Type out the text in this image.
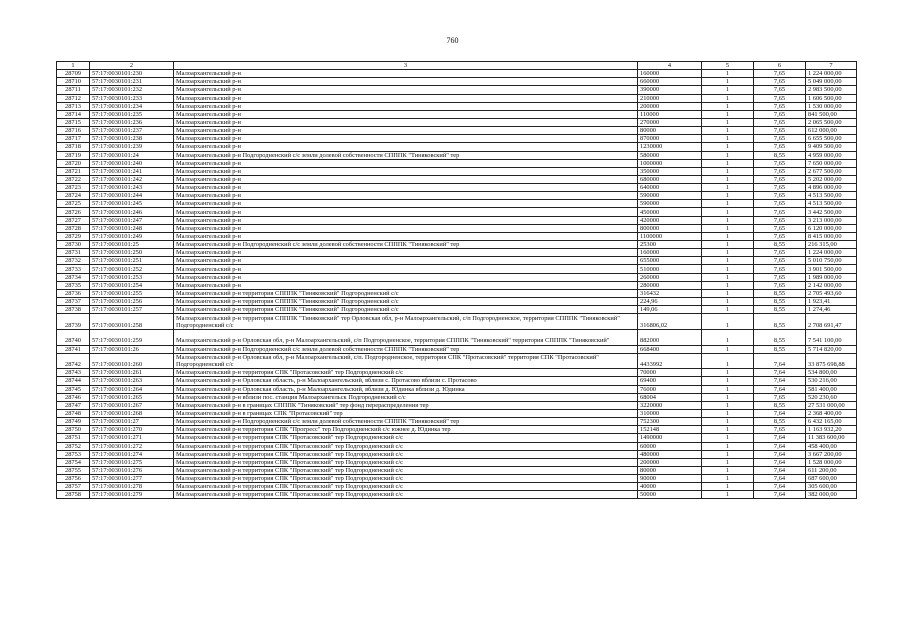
760
1	2	3	4	5	6	7
28709	57:17:0030101:230	Малоархангельский р-н	160000	1	7,65	1 224 000,00
28710	57:17:0030101:231	Малоархангельский р-н	660000	1	7,65	5 049 000,00
28711	57:17:0030101:232	Малоархангельский р-н	390000	1	7,65	2 983 500,00
28712	57:17:0030101:233	Малоархангельский р-н	210000	1	7,65	1 606 500,00
28713	57:17:0030101:234	Малоархангельский р-н	200000	1	7,65	1 530 000,00
28714	57:17:0030101:235	Малоархангельский р-н	110000	1	7,65	841 500,00
28715	57:17:0030101:236	Малоархангельский р-н	270000	1	7,65	2 065 500,00
28716	57:17:0030101:237	Малоархангельский р-н	80000	1	7,65	612 000,00
28717	57:17:0030101:238	Малоархангельский р-н	870000	1	7,65	6 655 500,00
28718	57:17:0030101:239	Малоархангельский р-н	1230000	1	7,65	9 409 500,00
28719	57:17:0030101:24	Малоархангельский р-н Подгородненский с/с земли долевой собственности СПППК "Тиняковский" тер	580000	1	8,55	4 959 000,00
28720	57:17:0030101:240	Малоархангельский р-н	1000000	1	7,65	7 650 000,00
28721	57:17:0030101:241	Малоархангельский р-н	350000	1	7,65	2 677 500,00
28722	57:17:0030101:242	Малоархангельский р-н	680000	1	7,65	5 202 000,00
28723	57:17:0030101:243	Малоархангельский р-н	640000	1	7,65	4 896 000,00
28724	57:17:0030101:244	Малоархангельский р-н	590000	1	7,65	4 513 500,00
28725	57:17:0030101:245	Малоархангельский р-н	590000	1	7,65	4 513 500,00
28726	57:17:0030101:246	Малоархангельский р-н	450000	1	7,65	3 442 500,00
28727	57:17:0030101:247	Малоархангельский р-н	420000	1	7,65	3 213 000,00
28728	57:17:0030101:248	Малоархангельский р-н	800000	1	7,65	6 120 000,00
28729	57:17:0030101:249	Малоархангельский р-н	1100000	1	7,65	8 415 000,00
28730	57:17:0030101:25	Малоархангельский р-н Подгородненский с/с земли долевой собственности СПППК "Тиняковский" тер	25300	1	8,55	216 315,00
28731	57:17:0030101:250	Малоархангельский р-н	160000	1	7,65	1 224 000,00
28732	57:17:0030101:251	Малоархангельский р-н	655000	1	7,65	5 010 750,00
28733	57:17:0030101:252	Малоархангельский р-н	510000	1	7,65	3 901 500,00
28734	57:17:0030101:253	Малоархангельский р-н	260000	1	7,65	1 989 000,00
28735	57:17:0030101:254	Малоархангельский р-н	280000	1	7,65	2 142 000,00
28736	57:17:0030101:255	Малоархангельский р-н территория СПППК "Тиняковский" Подгородненский с/с	316432	1	8,55	2 705 493,60
28737	57:17:0030101:256	Малоархангельский р-н территория СПППК "Тиняковский" Подгородненский с/с	224,96	1	8,55	1 923,41
28738	57:17:0030101:257	Малоархангельский р-н территория СПППК "Тиняковский" Подгородненский с/с	149,06	1	8,55	1 274,46
28739	57:17:0030101:258	Малоархангельский р-н территория СПППК "Тиняковский" тер Орловская обл, р-н Малоархангельский, с/п Подгородненское, территория СПППК "Тиняковский" Подгородненский с/с	316806,02	1	8,55	2 708 691,47
28740	57:17:0030101:259	Малоархангельский р-н Орловская обл, р-н Малоархангельский, с/п Подгородненское, территория СПППК "Тиняковский" территория СПППК "Тиняковский"	882000	1	8,55	7 541 100,00
28741	57:17:0030101:26	Малоархангельский р-н Подгородненский с/с земли долевой собственности СПППК "Тиняковский" тер	668400	1	8,55	5 714 820,00
28742	57:17:0030101:260	Малоархангельский р-н Орловская обл, р-н Малоархангельский, с/п. Подгородненское, территория СПК "Протасовский" территория СПК "Протасовский" Подгородненский с/с	4433992	1	7,64	33 875 698,88
28743	57:17:0030101:261	Малоархангельский р-н территория СПК "Протасовский" тер Подгородненский с/с	70000	1	7,64	534 800,00
28744	57:17:0030101:263	Малоархангельский р-н Орловская область, р-н Малоархангельский, вблизи с. Протасово вблизи с. Протасово	69400	1	7,64	530 216,00
28745	57:17:0030101:264	Малоархангельский р-н Орловская область, р-н Малоархангельский, вблизи д. Юдинка вблизи д. Юдинка	76000	1	7,64	581 400,00
28746	57:17:0030101:265	Малоархангельский р-н вблизи пос. станция Малоархангельск Подгородненский с/с	68004	1	7,65	520 230,60
28747	57:17:0030101:267	Малоархангельский р-н в границах СПППК "Тиняковский" тер фонд перераспределения тер	3220000	1	8,55	27 531 000,00
28748	57:17:0030101:268	Малоархангельский р-н в границах СПК "Протасовский" тер	310000	1	7,64	2 368 400,00
28749	57:17:0030101:27	Малоархангельский р-н Подгородненский с/с земли долевой собственности СПППК "Тиняковский" тер	752300	1	8,55	6 432 165,00
28750	57:17:0030101:270	Малоархангельский р-н территория СПК "Прогресс" тер Подгородненский с/с южнее д. Юдинка тер	152148	1	7,65	1 163 932,20
28751	57:17:0030101:271	Малоархангельский р-н территория СПК "Протасовский" тер Подгородненский с/с	1490000	1	7,64	11 383 600,00
28752	57:17:0030101:272	Малоархангельский р-н территория СПК "Протасовский" тер Подгородненский с/с	60000	1	7,64	458 400,00
28753	57:17:0030101:274	Малоархангельский р-н территория СПК "Протасовский" тер Подгородненский с/с	480000	1	7,64	3 667 200,00
28754	57:17:0030101:275	Малоархангельский р-н территория СПК "Протасовский" тер Подгородненский с/с	200000	1	7,64	1 528 000,00
28755	57:17:0030101:276	Малоархангельский р-н территория СПК "Протасовский" тер Подгородненский с/с	80000	1	7,64	611 200,00
28756	57:17:0030101:277	Малоархангельский р-н территория СПК "Протасовский" тер Подгородненский с/с	90000	1	7,64	687 600,00
28757	57:17:0030101:278	Малоархангельский р-н территория СПК "Протасовский" тер Подгородненский с/с	40000	1	7,64	305 600,00
28758	57:17:0030101:279	Малоархангельский р-н территория СПК "Протасовский" тер Подгородненский с/с	50000	1	7,64	382 000,00
